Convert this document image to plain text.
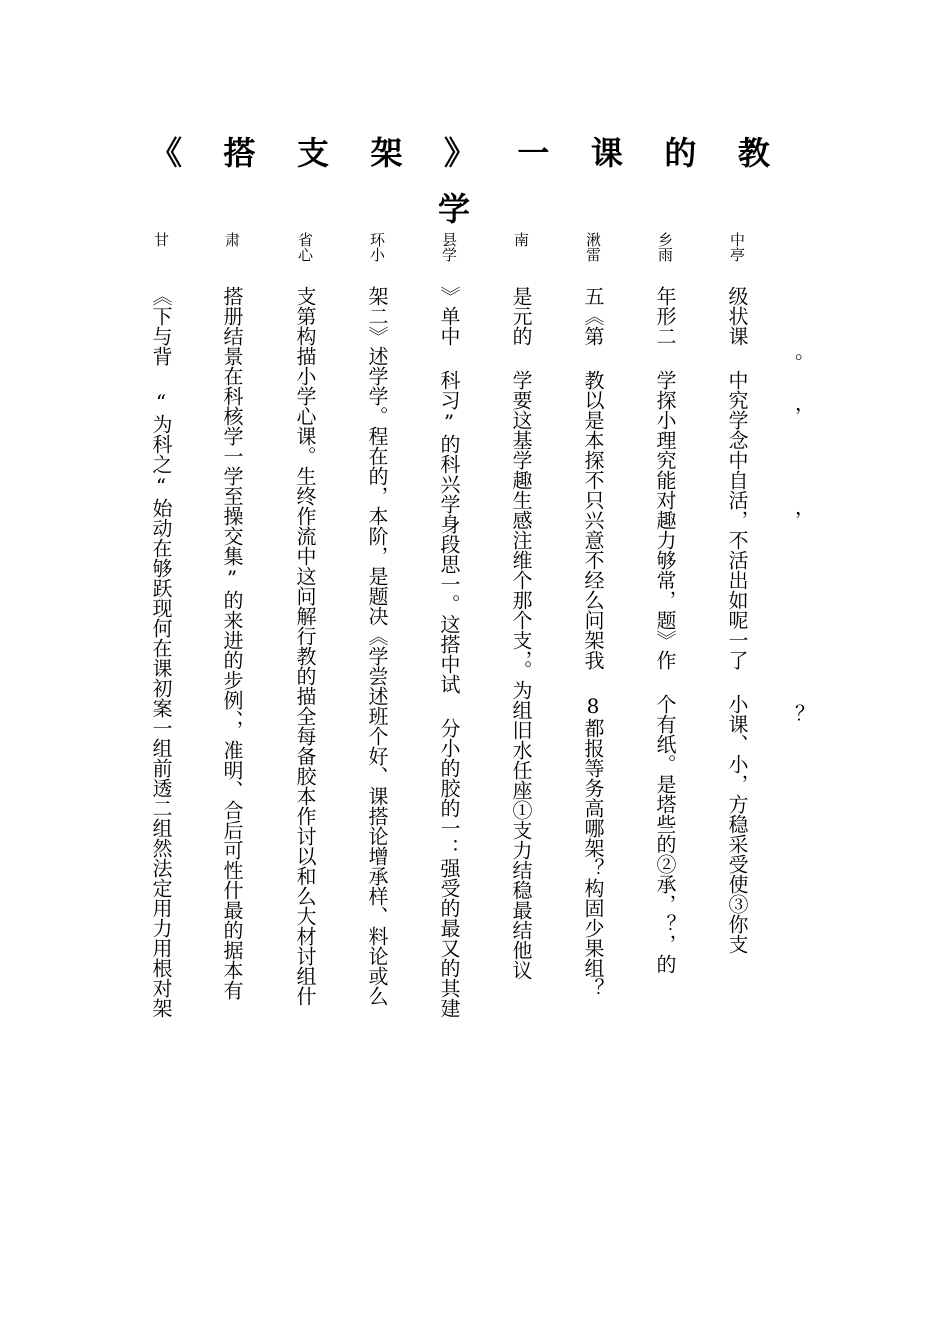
《 搭 支 架 》 一 课 的 教
学
甘
《下与背 “为科之“始动在够跃现何在课初案一组前透二组然法定用力用根对架
肃
搭册结景在科核学一学至操交集”的来进的步例、，准明、合后可性什最的据本有
省心
支第构描小学心课。生终作流中这问解行教的描全每备胶本作讨以和么大材讨组什
环小
架二》述学学。程在的，本阶，是题决《学尝述班个好、课搭论增承样、料论或么
县学
》单中 科习”的科兴学身段思一。这搭中试 分小的胶的一：强受的最又的其建
南
是元的 学要这基学趣生感注维个那个支，。为组旧水任座①支力结稳最结他议
湫雷
五《第 教以是本探不只兴意不经么问架我 8都报等务高哪架？构固少果组？
乡雨
年形二 学探小理究能对趣力够常，题》作 个有纸。是塔些的②承，？，的
中亭
级状课 中究学念中自活，不活出如呢一了 小课、小，方稳采受使③你支 。
，
，
？
